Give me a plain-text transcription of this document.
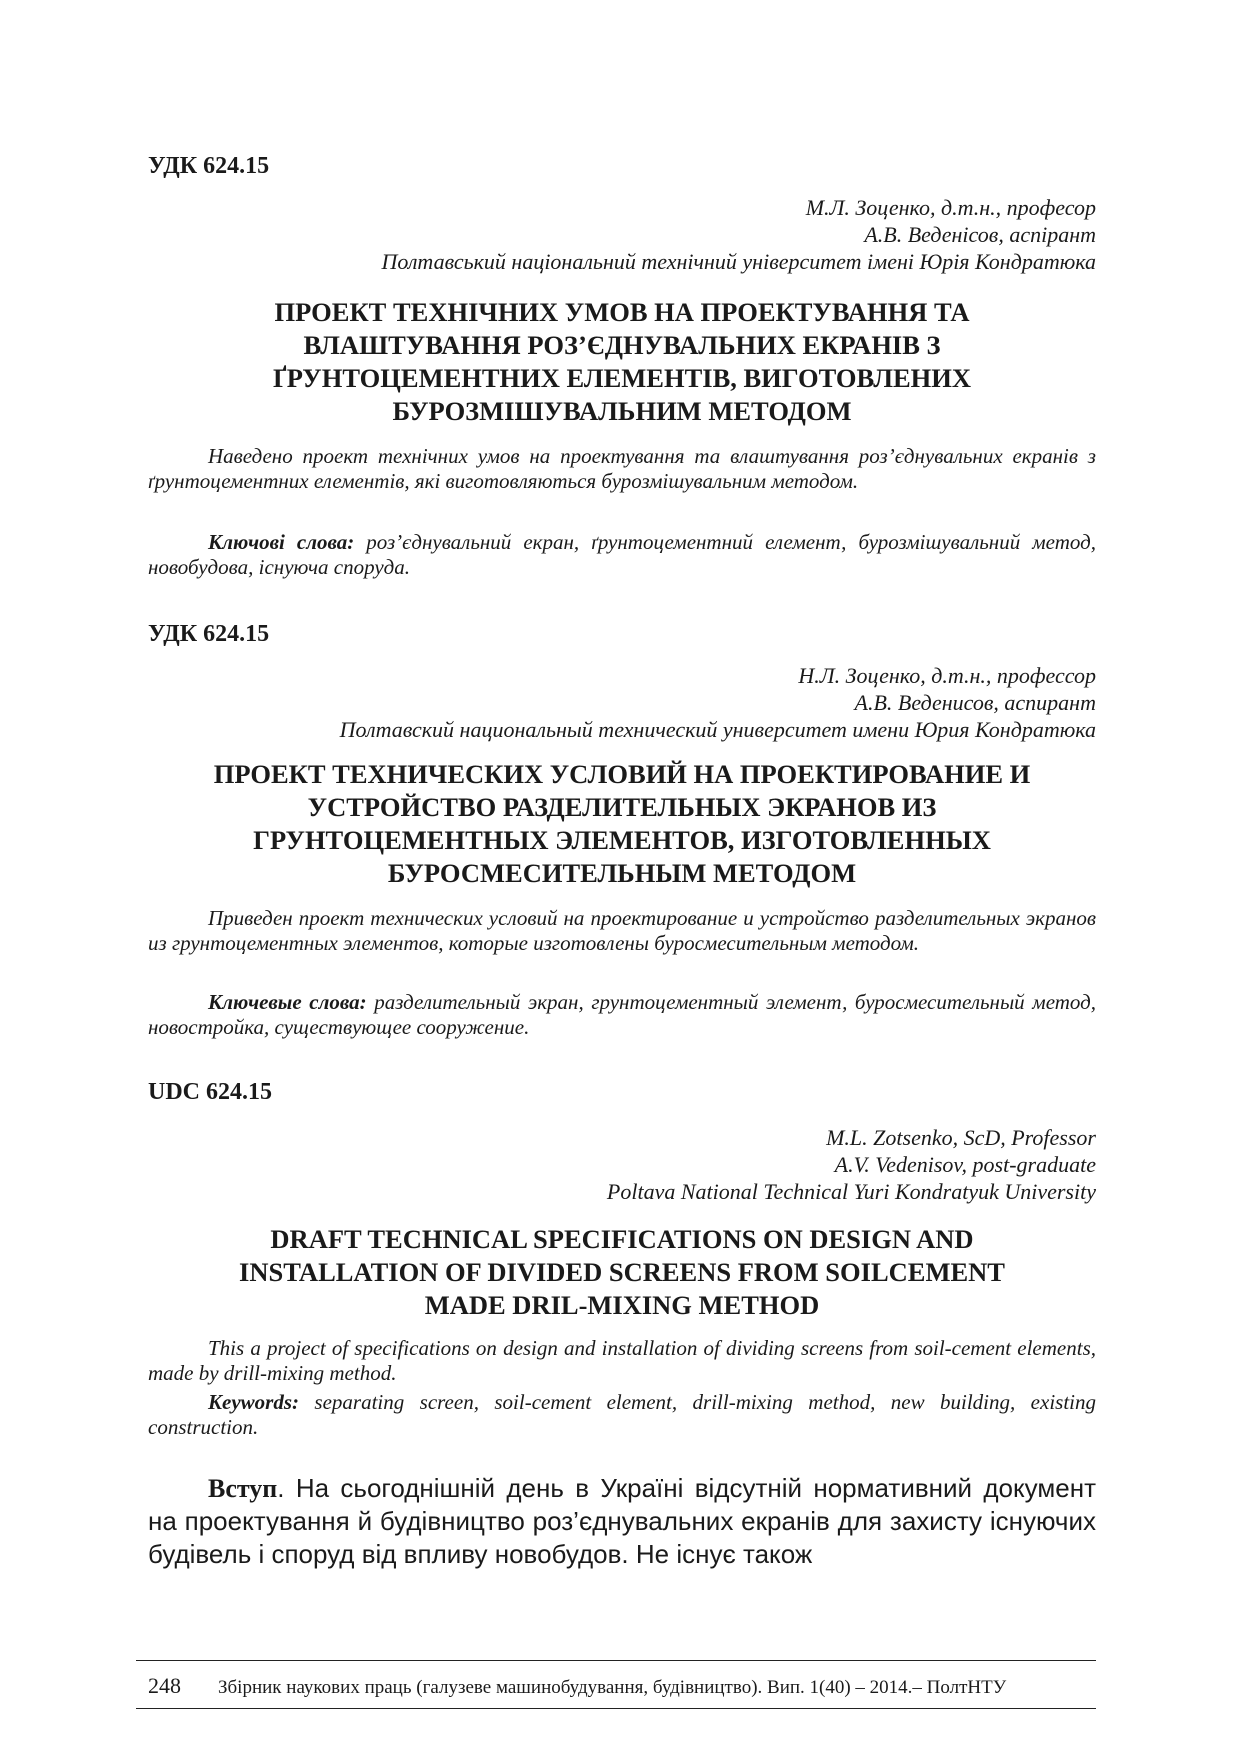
УДК 624.15

М.Л. Зоценко, д.т.н., професор
А.В. Веденісов, аспірант
Полтавський національний технічний університет імені Юрія Кондратюка
ПРОЕКТ ТЕХНІЧНИХ УМОВ НА ПРОЕКТУВАННЯ ТА
ВЛАШТУВАННЯ РОЗ’ЄДНУВАЛЬНИХ ЕКРАНІВ З
ҐРУНТОЦЕМЕНТНИХ ЕЛЕМЕНТІВ, ВИГОТОВЛЕНИХ
БУРОЗМІШУВАЛЬНИМ МЕТОДОМ

Наведено проект технічних умов на проектування та влаштування роз’єднувальних екранів з ґрунтоцементних елементів, які виготовляються бурозмішувальним методом.

Ключові слова: роз’єднувальний екран, ґрунтоцементний елемент, бурозмішувальний метод, новобудова, існуюча споруда.

УДК 624.15

Н.Л. Зоценко, д.т.н., профессор
А.В. Веденисов, аспирант
Полтавский национальный технический университет имени Юрия Кондратюка
ПРОЕКТ ТЕХНИЧЕСКИХ УСЛОВИЙ НА ПРОЕКТИРОВАНИЕ И
УСТРОЙСТВО РАЗДЕЛИТЕЛЬНЫХ ЭКРАНОВ ИЗ
ГРУНТОЦЕМЕНТНЫХ ЭЛЕМЕНТОВ, ИЗГОТОВЛЕННЫХ
БУРОСМЕСИТЕЛЬНЫМ МЕТОДОМ

Приведен проект технических условий на проектирование и устройство разделительных экранов из грунтоцементных элементов, которые изготовлены буросмесительным методом.

Ключевые слова: разделительный экран, грунтоцементный элемент, буросмесительный метод, новостройка, существующее сооружение.

UDC 624.15

M.L. Zotsenko, ScD, Professor
A.V. Vedenisov, post-graduate
Poltava National Technical Yuri Kondratyuk University
DRAFT TECHNICAL SPECIFICATIONS ON DESIGN AND
INSTALLATION OF DIVIDED SCREENS FROM SOILCEMENT
MADE DRIL-MIXING METHOD

This a project of specifications on design and installation of dividing screens from soil-cement elements, made by drill-mixing method.

Keywords: separating screen, soil-cement element, drill-mixing method, new building, existing construction.

Вступ. На сьогоднішній день в Україні відсутній нормативний документ на проектування й будівництво роз’єднувальних екранів для захисту існуючих будівель і споруд від впливу новобудов. Не існує також

248 Збірник наукових праць (галузеве машинобудування, будівництво). Вип. 1(40) – 2014.– ПолтНТУ
